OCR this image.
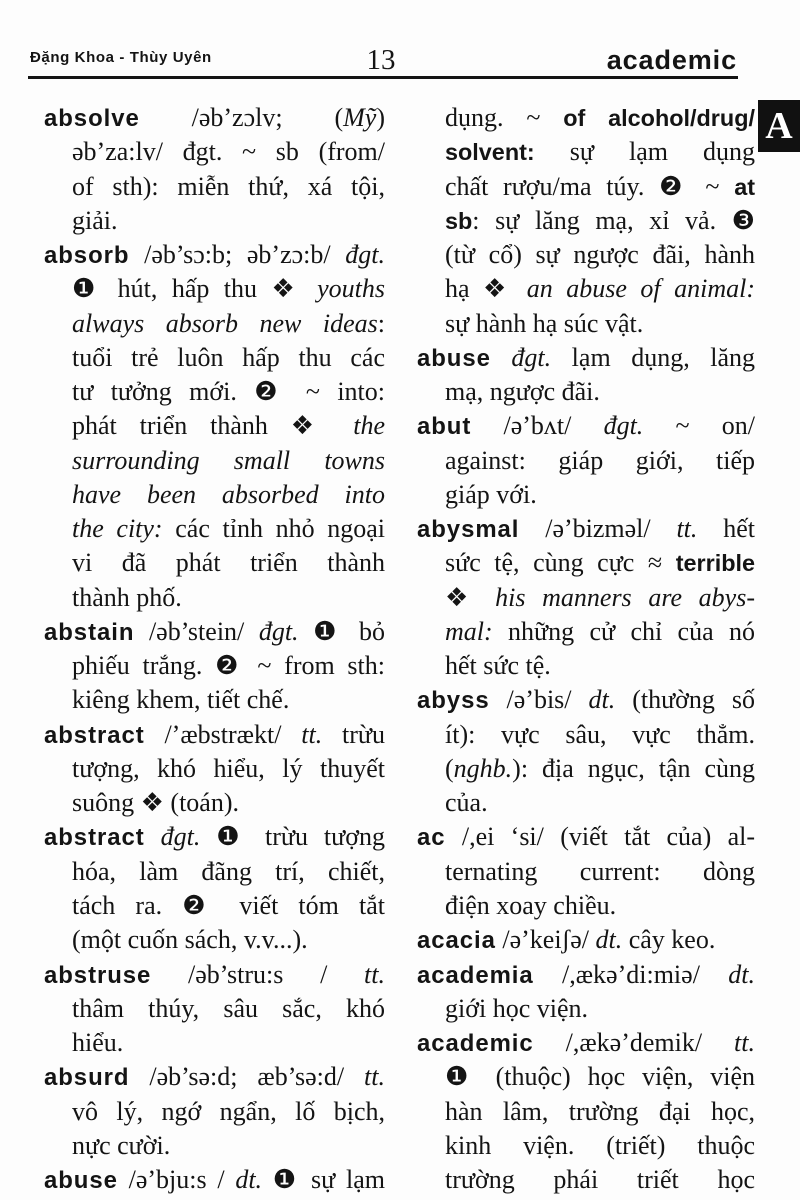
Đặng Khoa - Thùy Uyên	13	academic
A
absolve /əb’zɔlv; (Mỹ)
əb’za:lv/ đgt. ~ sb (from/
of sth): miễn thứ, xá tội,
giải.
absorb /əb’sɔ:b; əb’zɔ:b/ đgt.
❶ hút, hấp thu ❖ youths
always absorb new ideas:
tuổi trẻ luôn hấp thu các
tư tưởng mới. ❷ ~ into:
phát triển thành ❖ the
surrounding small towns
have been absorbed into
the city: các tỉnh nhỏ ngoại
vi đã phát triển thành
thành phố.
abstain /əb’stein/ đgt. ❶ bỏ
phiếu trắng. ❷ ~ from sth:
kiêng khem, tiết chế.
abstract /’æbstrækt/ tt. trừu
tượng, khó hiểu, lý thuyết
suông ❖ (toán).
abstract đgt. ❶ trừu tượng
hóa, làm đãng trí, chiết,
tách ra. ❷ viết tóm tắt
(một cuốn sách, v.v...).
abstruse /əb’stru:s / tt.
thâm thúy, sâu sắc, khó
hiểu.
absurd /əb’sə:d; æb’sə:d/ tt.
vô lý, ngớ ngẩn, lố bịch,
nực cười.
abuse /ə’bju:s / dt. ❶ sự lạm
dụng. ~ of alcohol/drug/
solvent: sự lạm dụng
chất rượu/ma túy. ❷ ~ at
sb: sự lăng mạ, xỉ vả. ❸
(từ cổ) sự ngược đãi, hành
hạ ❖ an abuse of animal:
sự hành hạ súc vật.
abuse đgt. lạm dụng, lăng
mạ, ngược đãi.
abut /ə’bʌt/ đgt. ~ on/
against: giáp giới, tiếp
giáp với.
abysmal /ə’bizməl/ tt. hết
sức tệ, cùng cực ≈ terrible
❖ his manners are abys-
mal: những cử chỉ của nó
hết sức tệ.
abyss /ə’bis/ dt. (thường số
ít): vực sâu, vực thẳm.
(nghb.): địa ngục, tận cùng
của.
ac /,ei ‘si/ (viết tắt của) al-
ternating current: dòng
điện xoay chiều.
acacia /ə’keiʃə/ dt. cây keo.
academia /,ækə’di:miə/ dt.
giới học viện.
academic /,ækə’demik/ tt.
❶ (thuộc) học viện, viện
hàn lâm, trường đại học,
kinh viện. (triết) thuộc
trường phái triết học
